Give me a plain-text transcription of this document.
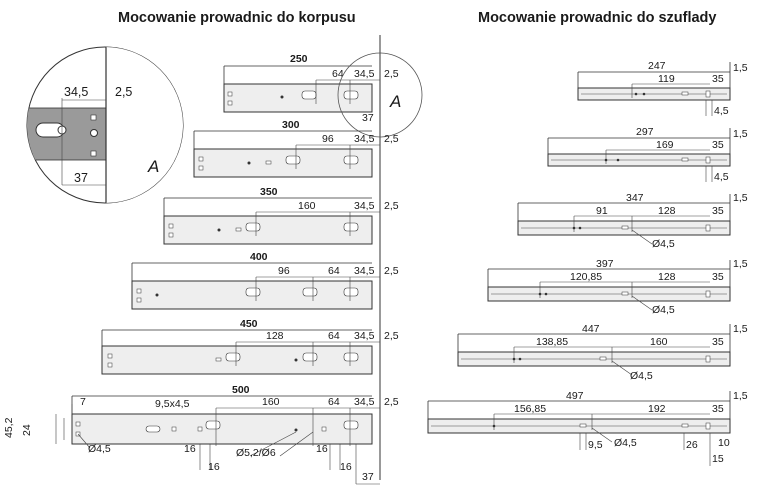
Mocowanie prowadnic do korpusu	Mocowanie prowadnic do szuflady
34,5 2,5
37
A
250
64 34,5 2,5
A
37
300
96 34,5 2,5
350
160	34,5 2,5
400
96	64 34,5 2,5
450
128	64 34,5 2,5
500
7	9,5x4,5	160	64 34,5 2,5
45,2 24
Ø4,5	16
16
Ø5,2/Ø6	16
16
37
247
119	35
1,5
4,5
297
169	35
1,5
4,5
347
91	128	35
1,5
Ø4,5
397
120,85	128	35
1,5
Ø4,5
447
138,85	160	35
1,5
Ø4,5
497
156,85	192	35
1,5
Ø4,5
9,5	26 10
15
